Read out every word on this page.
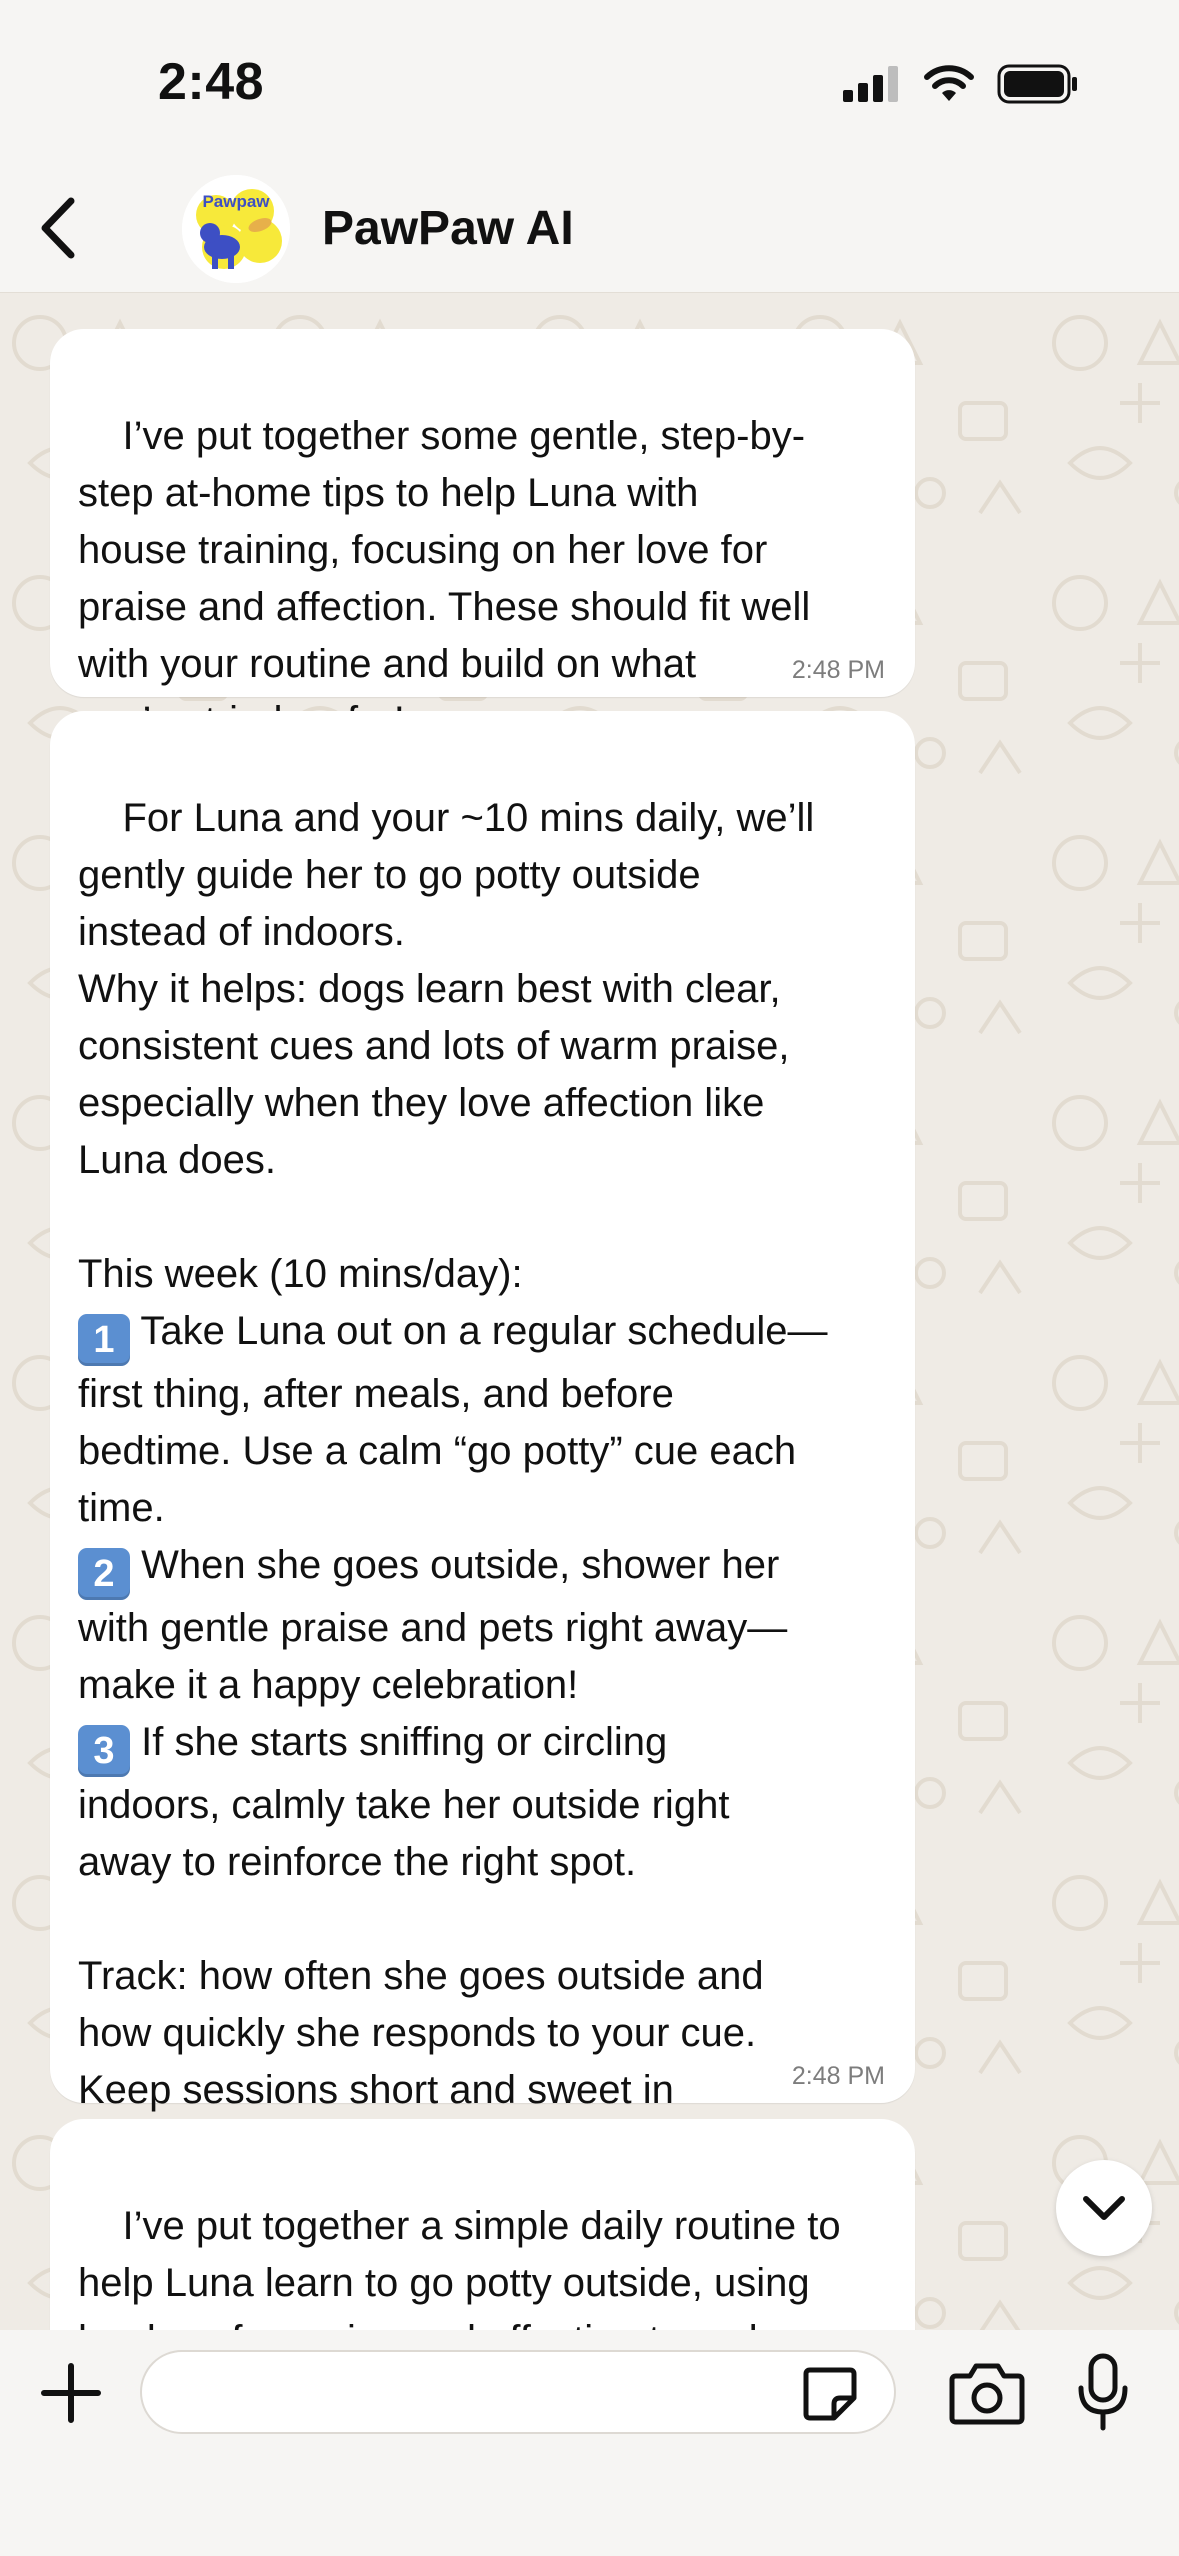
2:48
Pawpaw
PawPaw AI

I’ve put together some gentle, step-by-
step at-home tips to help Luna with
house training, focusing on her love for
praise and affection. These should fit well
with your routine and build on what

	2:48 PM

For Luna and your ~10 mins daily, we’ll
gently guide her to go potty outside
instead of indoors.
Why it helps: dogs learn best with clear,
consistent cues and lots of warm praise,
especially when they love affection like
Luna does.

This week (10 mins/day):
1 Take Luna out on a regular schedule—
first thing, after meals, and before
bedtime. Use a calm “go potty” cue each
time.
2 When she goes outside, shower her
with gentle praise and pets right away—
make it a happy celebration!
3 If she starts sniffing or circling
indoors, calmly take her outside right
away to reinforce the right spot.

Track: how often she goes outside and
how quickly she responds to your cue.
Keep sessions short and sweet in

	2:48 PM

I’ve put together a simple daily routine to
help Luna learn to go potty outside, using
